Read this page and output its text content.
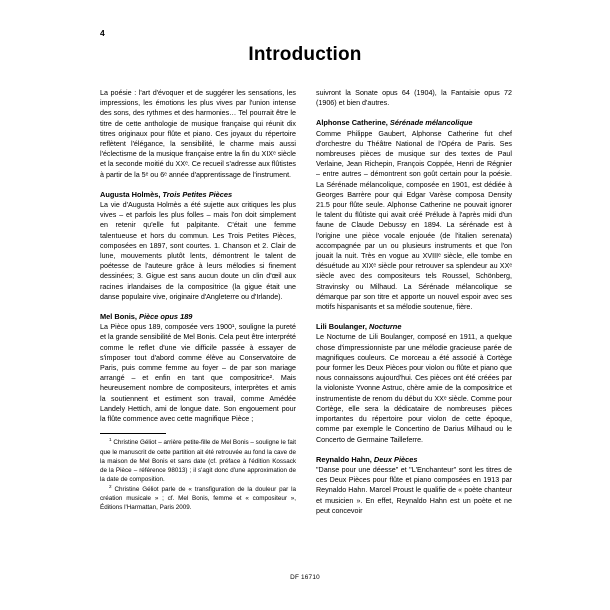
4
Introduction

La poésie : l'art d'évoquer et de suggérer les sensations, les impressions, les émotions les plus vives par l'union intense des sons, des rythmes et des harmonies… Tel pourrait être le titre de cette anthologie de musique française qui réunit dix titres originaux pour flûte et piano. Ces joyaux du répertoire reflètent l'élégance, la sensibilité, le charme mais aussi l'éclectisme de la musique française entre la fin du XIXᵉ siècle et la seconde moitié du XXᵉ. Ce recueil s'adresse aux flûtistes à partir de la 5ᵉ ou 6ᵉ année d'apprentissage de l'instrument.

Augusta Holmès, Trois Petites Pièces

La vie d'Augusta Holmès a été sujette aux critiques les plus vives – et parfois les plus folles – mais l'on doit simplement en retenir qu'elle fut palpitante. C'était une femme talentueuse et hors du commun. Les Trois Petites Pièces, composées en 1897, sont courtes. 1. Chanson et 2. Clair de lune, mouvements plutôt lents, démontrent le talent de poétesse de l'auteure grâce à leurs mélodies si finement dessinées; 3. Gigue est sans aucun doute un clin d'œil aux racines irlandaises de la compositrice (la gigue était une danse populaire vive, originaire d'Angleterre ou d'Irlande).

Mel Bonis, Pièce opus 189

La Pièce opus 189, composée vers 1900¹, souligne la pureté et la grande sensibilité de Mel Bonis. Cela peut être interprété comme le reflet d'une vie difficile passée à essayer de s'imposer tout d'abord comme élève au Conservatoire de Paris, puis comme femme au foyer – de par son mariage arrangé – et enfin en tant que compositrice². Mais heureusement nombre de compositeurs, interprètes et amis la soutiennent et estiment son travail, comme Amédée Landely Hettich, ami de longue date. Son engouement pour la flûte commence avec cette magnifique Pièce ;

$^1$ Christine Géliot – arrière petite-fille de Mel Bonis – souligne le fait que le manuscrit de cette partition ait été retrouvée au fond la cave de la maison de Mel Bonis et sans date (cf. préface à l'édition Kossack de la Pièce – référence 98013) ; il s'agit donc d'une approximation de la date de composition.

$^2$ Christine Géliot parle de « transfiguration de la douleur par la création musicale » ; cf. Mel Bonis, femme et « compositeur », Éditions l'Harmattan, Paris 2009.

suivront la Sonate opus 64 (1904), la Fantaisie opus 72 (1906) et bien d'autres.

Alphonse Catherine, Sérénade mélancolique

Comme Philippe Gaubert, Alphonse Catherine fut chef d'orchestre du Théâtre National de l'Opéra de Paris. Ses nombreuses pièces de musique sur des textes de Paul Verlaine, Jean Richepin, François Coppée, Henri de Régnier – entre autres – démontrent son goût certain pour la poésie. La Sérénade mélancolique, composée en 1901, est dédiée à Georges Barrère pour qui Edgar Varèse composa Density 21.5 pour flûte seule. Alphonse Catherine ne pouvait ignorer le talent du flûtiste qui avait créé Prélude à l'après midi d'un faune de Claude Debussy en 1894. La sérénade est à l'origine une pièce vocale enjouée (de l'italien serenata) accompagnée par un ou plusieurs instruments et que l'on jouait la nuit. Très en vogue au XVIIIᵉ siècle, elle tombe en désuétude au XIXᵉ siècle pour retrouver sa splendeur au XXᵉ siècle avec des compositeurs tels Roussel, Schönberg, Stravinsky ou Milhaud. La Sérénade mélancolique se démarque par son titre et apporte un nouvel espoir avec ses motifs hispanisants et sa mélodie soutenue, fière.

Lili Boulanger, Nocturne

Le Nocturne de Lili Boulanger, composé en 1911, a quelque chose d'impressionniste par une mélodie gracieuse parée de magnifiques couleurs. Ce morceau a été associé à Cortège pour former les Deux Pièces pour violon ou flûte et piano que nous connaissons aujourd'hui. Ces pièces ont été créées par la violoniste Yvonne Astruc, chère amie de la compositrice et instrumentiste de renom du début du XXᵉ siècle. Comme pour Cortège, elle sera la dédicataire de nombreuses pièces importantes du répertoire pour violon de cette époque, comme par exemple le Concertino de Darius Milhaud ou le Concerto de Germaine Tailleferre.

Reynaldo Hahn, Deux Pièces

"Danse pour une déesse" et "L'Enchanteur" sont les titres de ces Deux Pièces pour flûte et piano composées en 1913 par Reynaldo Hahn. Marcel Proust le qualifie de « poète chanteur et musicien ». En effet, Reynaldo Hahn est un poète et ne peut concevoir

DF 16710
